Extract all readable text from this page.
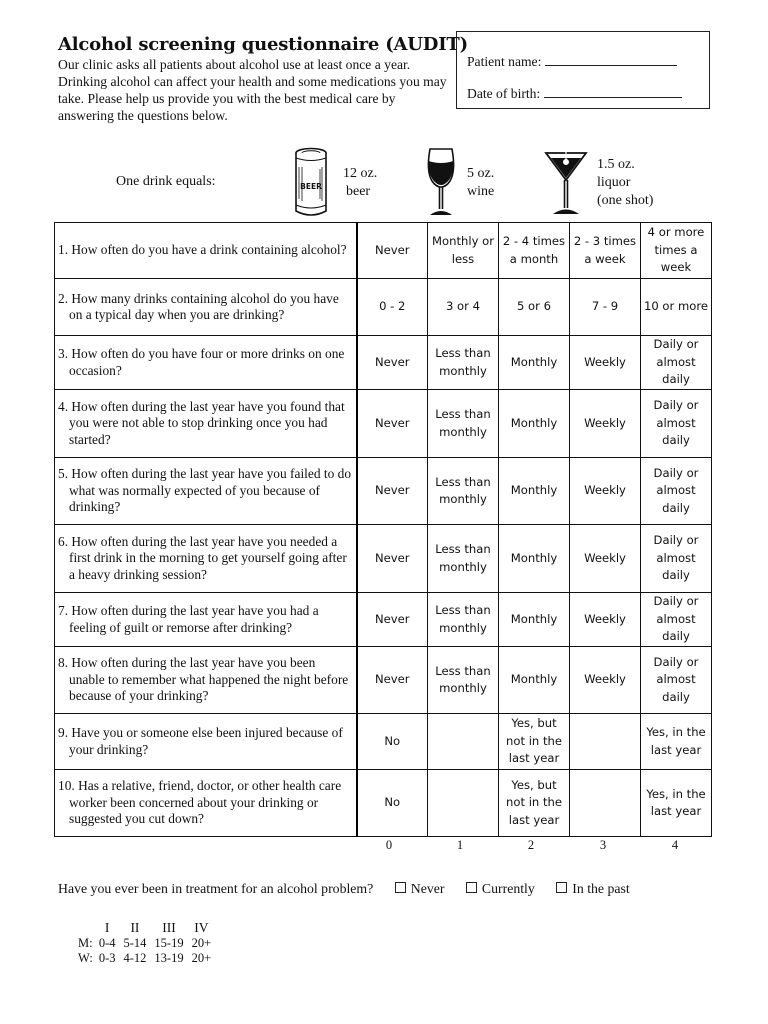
Alcohol screening questionnaire (AUDIT)
Our clinic asks all patients about alcohol use at least once a year. Drinking alcohol can affect your health and some medications you may take. Please help us provide you with the best medical care by answering the questions below.
Patient name:
Date of birth:
One drink equals:	BEER
12 oz.
beer
5 oz.
wine
1.5 oz.
liquor
(one shot)
1. How often do you have a drink containing alcohol?	Never	Monthly or less	2 - 4 times a month	2 - 3 times a week	4 or more times a week

2. How many drinks containing alcohol do you have on a typical day when you are drinking?	0 - 2	3 or 4	5 or 6	7 - 9	10 or more

3. How often do you have four or more drinks on one occasion?	Never	Less than monthly	Monthly	Weekly	Daily or almost daily

4. How often during the last year have you found that you were not able to stop drinking once you had started?	Never	Less than monthly	Monthly	Weekly	Daily or almost daily

5. How often during the last year have you failed to do what was normally expected of you because of drinking?	Never	Less than monthly	Monthly	Weekly	Daily or almost daily

6. How often during the last year have you needed a first drink in the morning to get yourself going after a heavy drinking session?	Never	Less than monthly	Monthly	Weekly	Daily or almost daily

7. How often during the last year have you had a feeling of guilt or remorse after drinking?	Never	Less than monthly	Monthly	Weekly	Daily or almost daily

8. How often during the last year have you been unable to remember what happened the night before because of your drinking?	Never	Less than monthly	Monthly	Weekly	Daily or almost daily

9. Have you or someone else been injured because of your drinking?	No		Yes, but not in the last year		Yes, in the last year

10. Has a relative, friend, doctor, or other health care worker been concerned about your drinking or suggested you cut down?	No		Yes, but not in the last year		Yes, in the last year
0	1	2	3	4
Have you ever been in treatment for an alcohol problem?	Never	Currently	In the past
	I	II	III	IV
M:	0-4	5-14	15-19	20+
W:	0-3	4-12	13-19	20+
